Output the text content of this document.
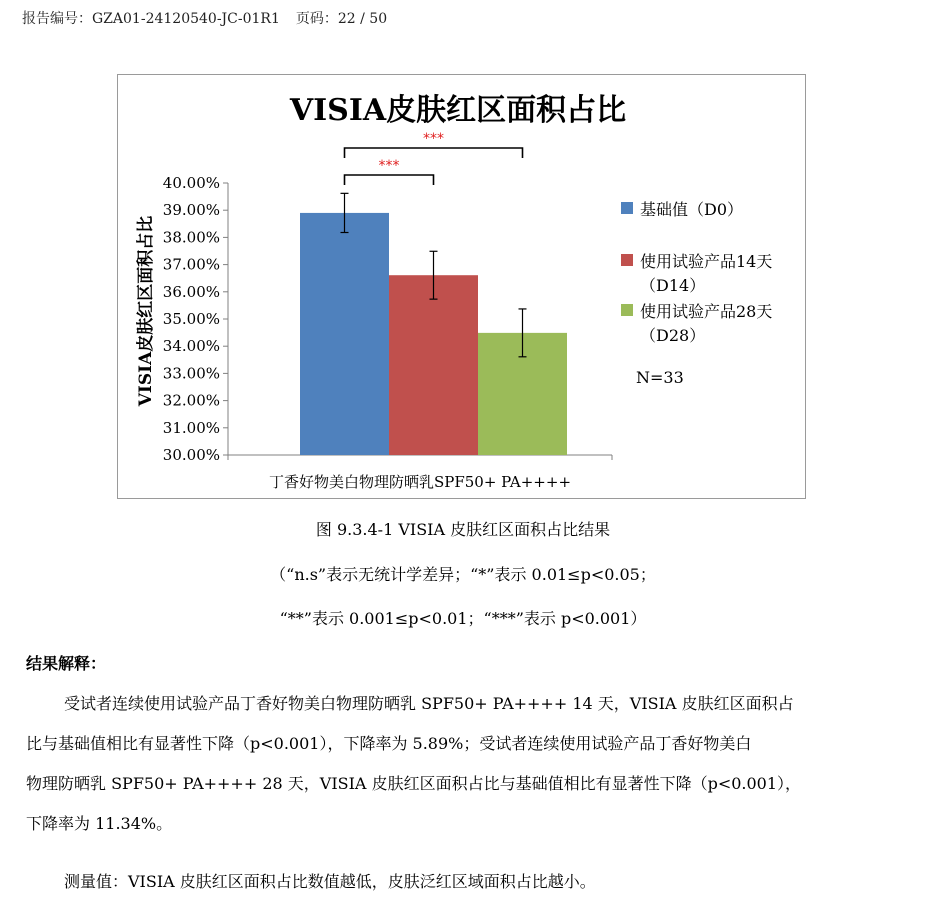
报告编号：GZA01-24120540-JC-01R1 页码：22 / 50
VISIA皮肤红区面积占比
VISIA皮肤红区面积占比
30.00%
31.00%
32.00%
33.00%
34.00%
35.00%
36.00%
37.00%
38.00%
39.00%
40.00%
丁香好物美白物理防晒乳SPF50+ PA++++
***
***
基础值（D0）
使用试验产品14天
（D14）
使用试验产品28天
（D28）
N=33
图 9.3.4-1 VISIA 皮肤红区面积占比结果
（“n.s”表示无统计学差异；“*”表示 0.01≤p<0.05；
“**”表示 0.001≤p<0.01；“***”表示 p<0.001）
结果解释：
受试者连续使用试验产品丁香好物美白物理防晒乳 SPF50+ PA++++ 14 天，VISIA 皮肤红区面积占
比与基础值相比有显著性下降（p<0.001），下降率为 5.89%；受试者连续使用试验产品丁香好物美白
物理防晒乳 SPF50+ PA++++ 28 天，VISIA 皮肤红区面积占比与基础值相比有显著性下降（p<0.001），
下降率为 11.34%。
测量值：VISIA 皮肤红区面积占比数值越低，皮肤泛红区域面积占比越小。
